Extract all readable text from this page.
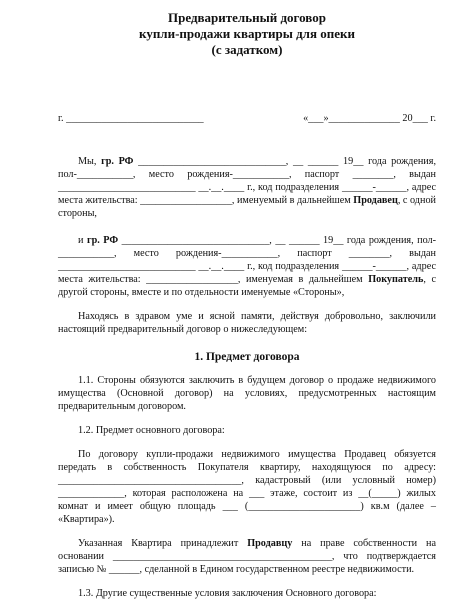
Предварительный договор

купли-продажи квартиры для опеки

(с задатком)

г. ___________________________	«___»______________ 20___ г.

Мы, гр. РФ _____________________________, __ ______ 19__ года рождения, пол-___________, место рождения-___________, паспорт ________, выдан ___________________________ __.__.____ г., код подразделения ______-______, адрес места жительства: __________________, именуемый в дальнейшем Продавец, с одной стороны,

и гр. РФ _____________________________, __ ______ 19__ года рождения, пол-___________, место рождения-___________, паспорт ________, выдан ___________________________ __.__.____ г., код подразделения ______-______, адрес места жительства: __________________, именуемая в дальнейшем Покупатель, с другой стороны, вместе и по отдельности именуемые «Стороны»,

Находясь в здравом уме и ясной памяти, действуя добровольно, заключили настоящий предварительный договор о нижеследующем:

1. Предмет договора

1.1. Стороны обязуются заключить в будущем договор о продаже недвижимого имущества (Основной договор) на условиях, предусмотренных настоящим предварительным договором.

1.2. Предмет основного договора:

По договору купли-продажи недвижимого имущества Продавец обязуется передать в собственность Покупателя квартиру, находящуюся по адресу: ____________________________________, кадастровый (или условный номер) _____________, которая расположена на ___ этаже, состоит из __(_____) жилых комнат и имеет общую площадь ___ (______________________) кв.м (далее – «Квартира»).

Указанная Квартира принадлежит Продавцу на праве собственности на основании ___________________________________________, что подтверждается записью № ______, сделанной в Едином государственном реестре недвижимости.

1.3. Другие существенные условия заключения Основного договора:
